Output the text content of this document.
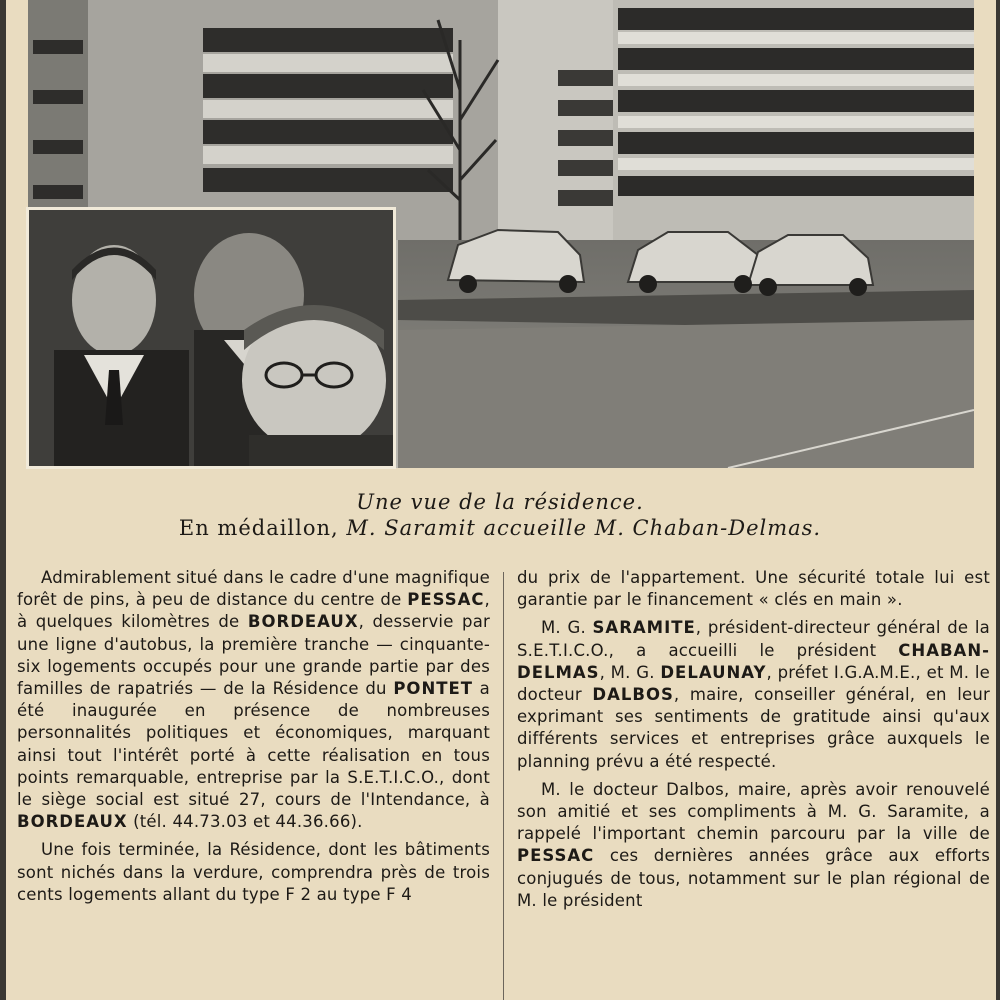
Une vue de la résidence.
En médaillon, M. Saramit accueille M. Chaban-Delmas.

Admirablement situé dans le cadre d'une magnifique forêt de pins, à peu de distance du centre de PESSAC, à quelques kilomètres de BORDEAUX, desservie par une ligne d'autobus, la première tranche — cinquante-six logements occupés pour une grande partie par des familles de rapatriés — de la Résidence du PONTET a été inaugurée en présence de nombreuses personnalités politiques et économiques, marquant ainsi tout l'intérêt porté à cette réalisation en tous points remarquable, entreprise par la S.E.T.I.C.O., dont le siège social est situé 27, cours de l'Intendance, à BORDEAUX (tél. 44.73.03 et 44.36.66).

Une fois terminée, la Résidence, dont les bâtiments sont nichés dans la verdure, comprendra près de trois cents logements allant du type F 2 au type F 4

du prix de l'appartement. Une sécurité totale lui est garantie par le financement « clés en main ».

M. G. SARAMITE, président-directeur général de la S.E.T.I.C.O., a accueilli le président CHABAN-DELMAS, M. G. DELAUNAY, préfet I.G.A.M.E., et M. le docteur DALBOS, maire, conseiller général, en leur exprimant ses sentiments de gratitude ainsi qu'aux différents services et entreprises grâce auxquels le planning prévu a été respecté.

M. le docteur Dalbos, maire, après avoir renouvelé son amitié et ses compliments à M. G. Saramite, a rappelé l'important chemin parcouru par la ville de PESSAC ces dernières années grâce aux efforts conjugués de tous, notamment sur le plan régional de M. le président
